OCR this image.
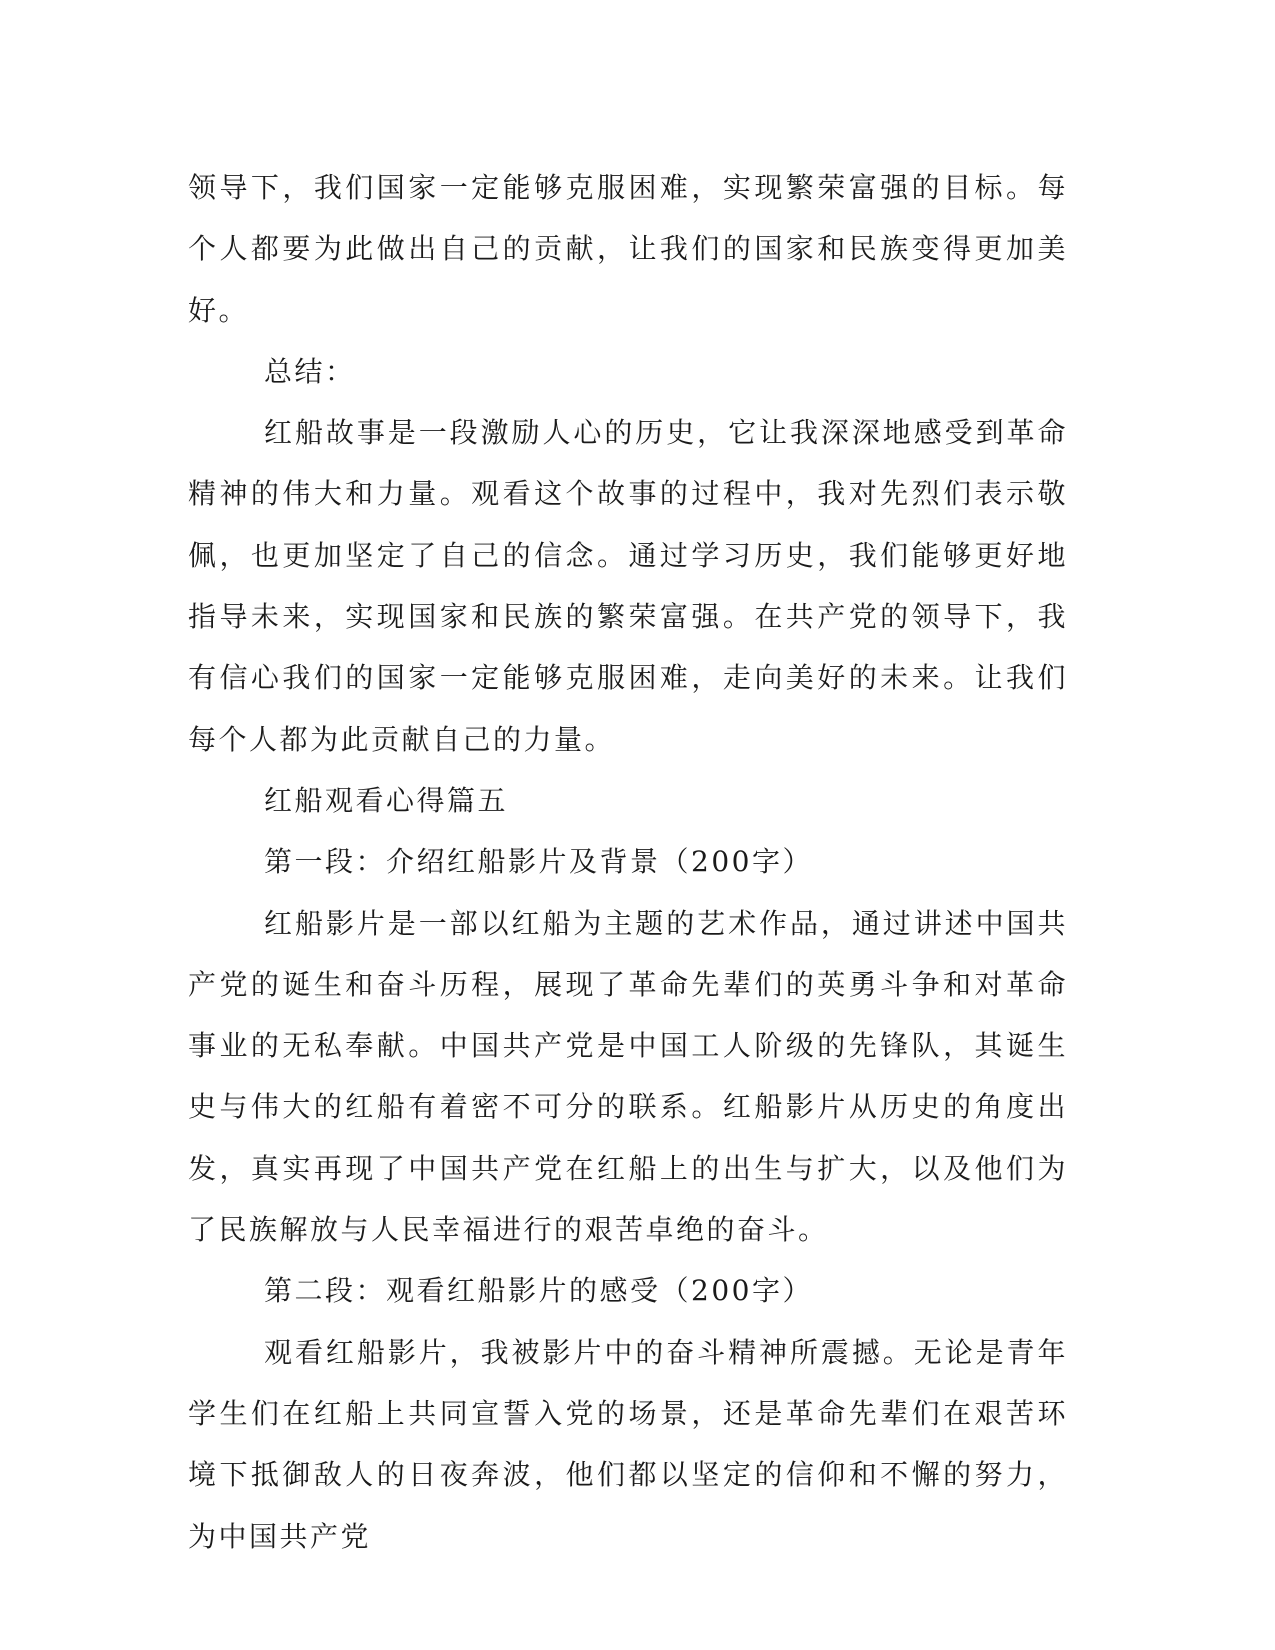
领导下，我们国家一定能够克服困难，实现繁荣富强的目标。每个人都要为此做出自己的贡献，让我们的国家和民族变得更加美好。

总结：

红船故事是一段激励人心的历史，它让我深深地感受到革命精神的伟大和力量。观看这个故事的过程中，我对先烈们表示敬佩，也更加坚定了自己的信念。通过学习历史，我们能够更好地指导未来，实现国家和民族的繁荣富强。在共产党的领导下，我有信心我们的国家一定能够克服困难，走向美好的未来。让我们每个人都为此贡献自己的力量。

红船观看心得篇五

第一段：介绍红船影片及背景（200字）

红船影片是一部以红船为主题的艺术作品，通过讲述中国共产党的诞生和奋斗历程，展现了革命先辈们的英勇斗争和对革命事业的无私奉献。中国共产党是中国工人阶级的先锋队，其诞生史与伟大的红船有着密不可分的联系。红船影片从历史的角度出发，真实再现了中国共产党在红船上的出生与扩大，以及他们为了民族解放与人民幸福进行的艰苦卓绝的奋斗。

第二段：观看红船影片的感受（200字）

观看红船影片，我被影片中的奋斗精神所震撼。无论是青年学生们在红船上共同宣誓入党的场景，还是革命先辈们在艰苦环境下抵御敌人的日夜奔波，他们都以坚定的信仰和不懈的努力，为中国共产党
